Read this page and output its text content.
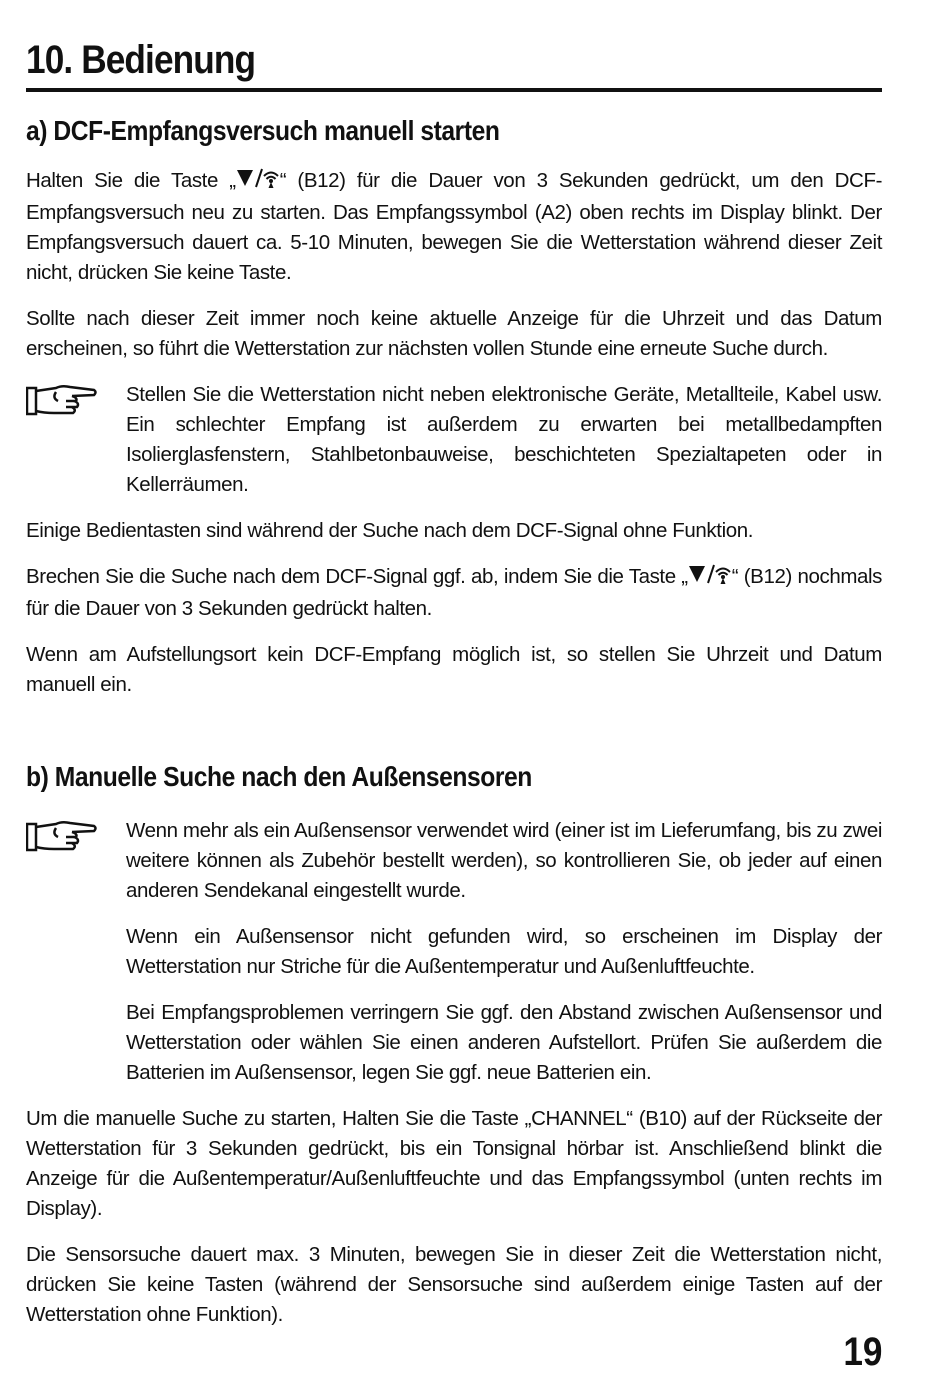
10. Bedienung
a) DCF-Empfangsversuch manuell starten

Halten Sie die Taste „ “ (B12) für die Dauer von 3 Sekunden gedrückt, um den DCF-Empfangsversuch neu zu starten. Das Empfangssymbol (A2) oben rechts im Display blinkt. Der Empfangsversuch dauert ca. 5-10 Minuten, bewegen Sie die Wetterstation während dieser Zeit nicht, drücken Sie keine Taste.

Sollte nach dieser Zeit immer noch keine aktuelle Anzeige für die Uhrzeit und das Datum erscheinen, so führt die Wetterstation zur nächsten vollen Stunde eine erneute Suche durch.

Stellen Sie die Wetterstation nicht neben elektronische Geräte, Metallteile, Kabel usw. Ein schlechter Empfang ist außerdem zu erwarten bei metallbedampften Isolierglasfenstern, Stahlbetonbauweise, beschichteten Spezialtapeten oder in Kellerräumen.

Einige Bedientasten sind während der Suche nach dem DCF-Signal ohne Funktion.

Brechen Sie die Suche nach dem DCF-Signal ggf. ab, indem Sie die Taste „ “ (B12) nochmals für die Dauer von 3 Sekunden gedrückt halten.

Wenn am Aufstellungsort kein DCF-Empfang möglich ist, so stellen Sie Uhrzeit und Datum manuell ein.

b) Manuelle Suche nach den Außensensoren

Wenn mehr als ein Außensensor verwendet wird (einer ist im Lieferumfang, bis zu zwei weitere können als Zubehör bestellt werden), so kontrollieren Sie, ob jeder auf einen anderen Sendekanal eingestellt wurde.

Wenn ein Außensensor nicht gefunden wird, so erscheinen im Display der Wetterstation nur Striche für die Außentemperatur und Außenluftfeuchte.

Bei Empfangsproblemen verringern Sie ggf. den Abstand zwischen Außensensor und Wetterstation oder wählen Sie einen anderen Aufstellort. Prüfen Sie außerdem die Batterien im Außensensor, legen Sie ggf. neue Batterien ein.

Um die manuelle Suche zu starten, Halten Sie die Taste „CHANNEL“ (B10) auf der Rückseite der Wetterstation für 3 Sekunden gedrückt, bis ein Tonsignal hörbar ist. Anschließend blinkt die Anzeige für die Außentemperatur/Außenluftfeuchte und das Empfangssymbol (unten rechts im Display).

Die Sensorsuche dauert max. 3 Minuten, bewegen Sie in dieser Zeit die Wetterstation nicht, drücken Sie keine Tasten (während der Sensorsuche sind außerdem einige Tasten auf der Wetterstation ohne Funktion).

19
